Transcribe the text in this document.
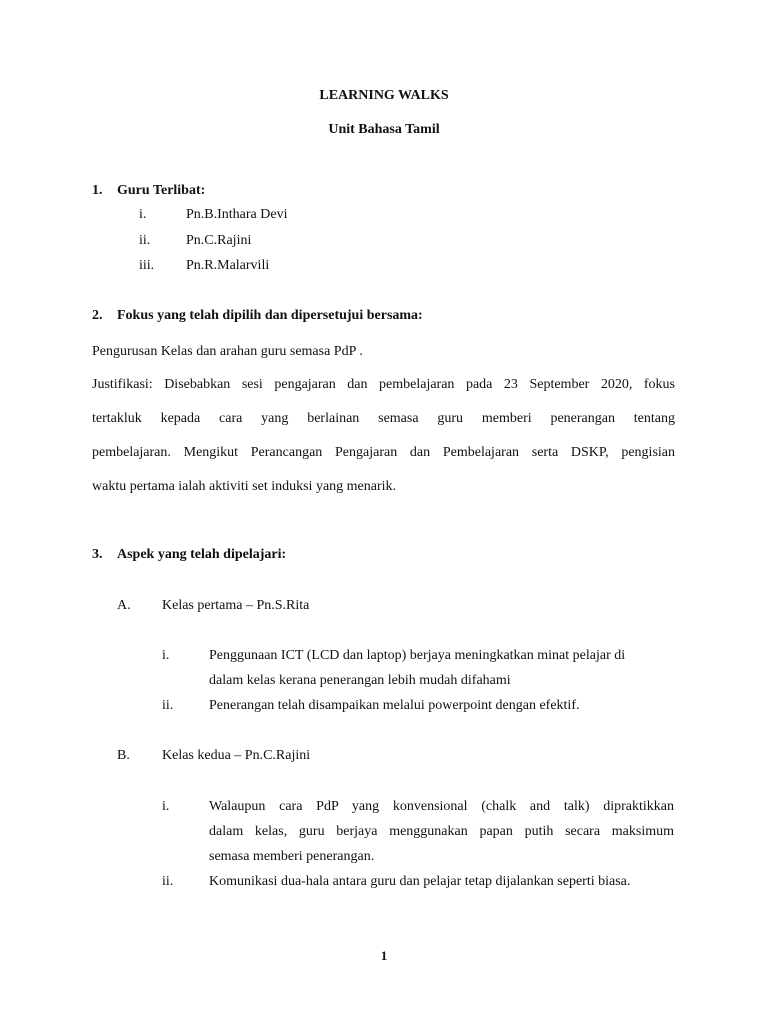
LEARNING WALKS
Unit Bahasa Tamil
1. Guru Terlibat:
i.	Pn.B.Inthara Devi
ii.	Pn.C.Rajini
iii. Pn.R.Malarvili
2. Fokus yang telah dipilih dan dipersetujui bersama:
Pengurusan Kelas dan arahan guru semasa PdP .
Justifikasi: Disebabkan sesi pengajaran dan pembelajaran pada 23 September 2020, fokus
tertakluk kepada cara yang berlainan semasa guru memberi penerangan tentang
pembelajaran. Mengikut Perancangan Pengajaran dan Pembelajaran serta DSKP, pengisian
waktu pertama ialah aktiviti set induksi yang menarik.
3. Aspek yang telah dipelajari:
A. Kelas pertama – Pn.S.Rita
i.	Penggunaan ICT (LCD dan laptop) berjaya meningkatkan minat pelajar di
dalam kelas kerana penerangan lebih mudah difahami
ii.	Penerangan telah disampaikan melalui powerpoint dengan efektif.
B. Kelas kedua – Pn.C.Rajini
i.	Walaupun cara PdP yang konvensional (chalk and talk) dipraktikkan
dalam kelas, guru berjaya menggunakan papan putih secara maksimum
semasa memberi penerangan.
ii.	Komunikasi dua-hala antara guru dan pelajar tetap dijalankan seperti biasa.
1
